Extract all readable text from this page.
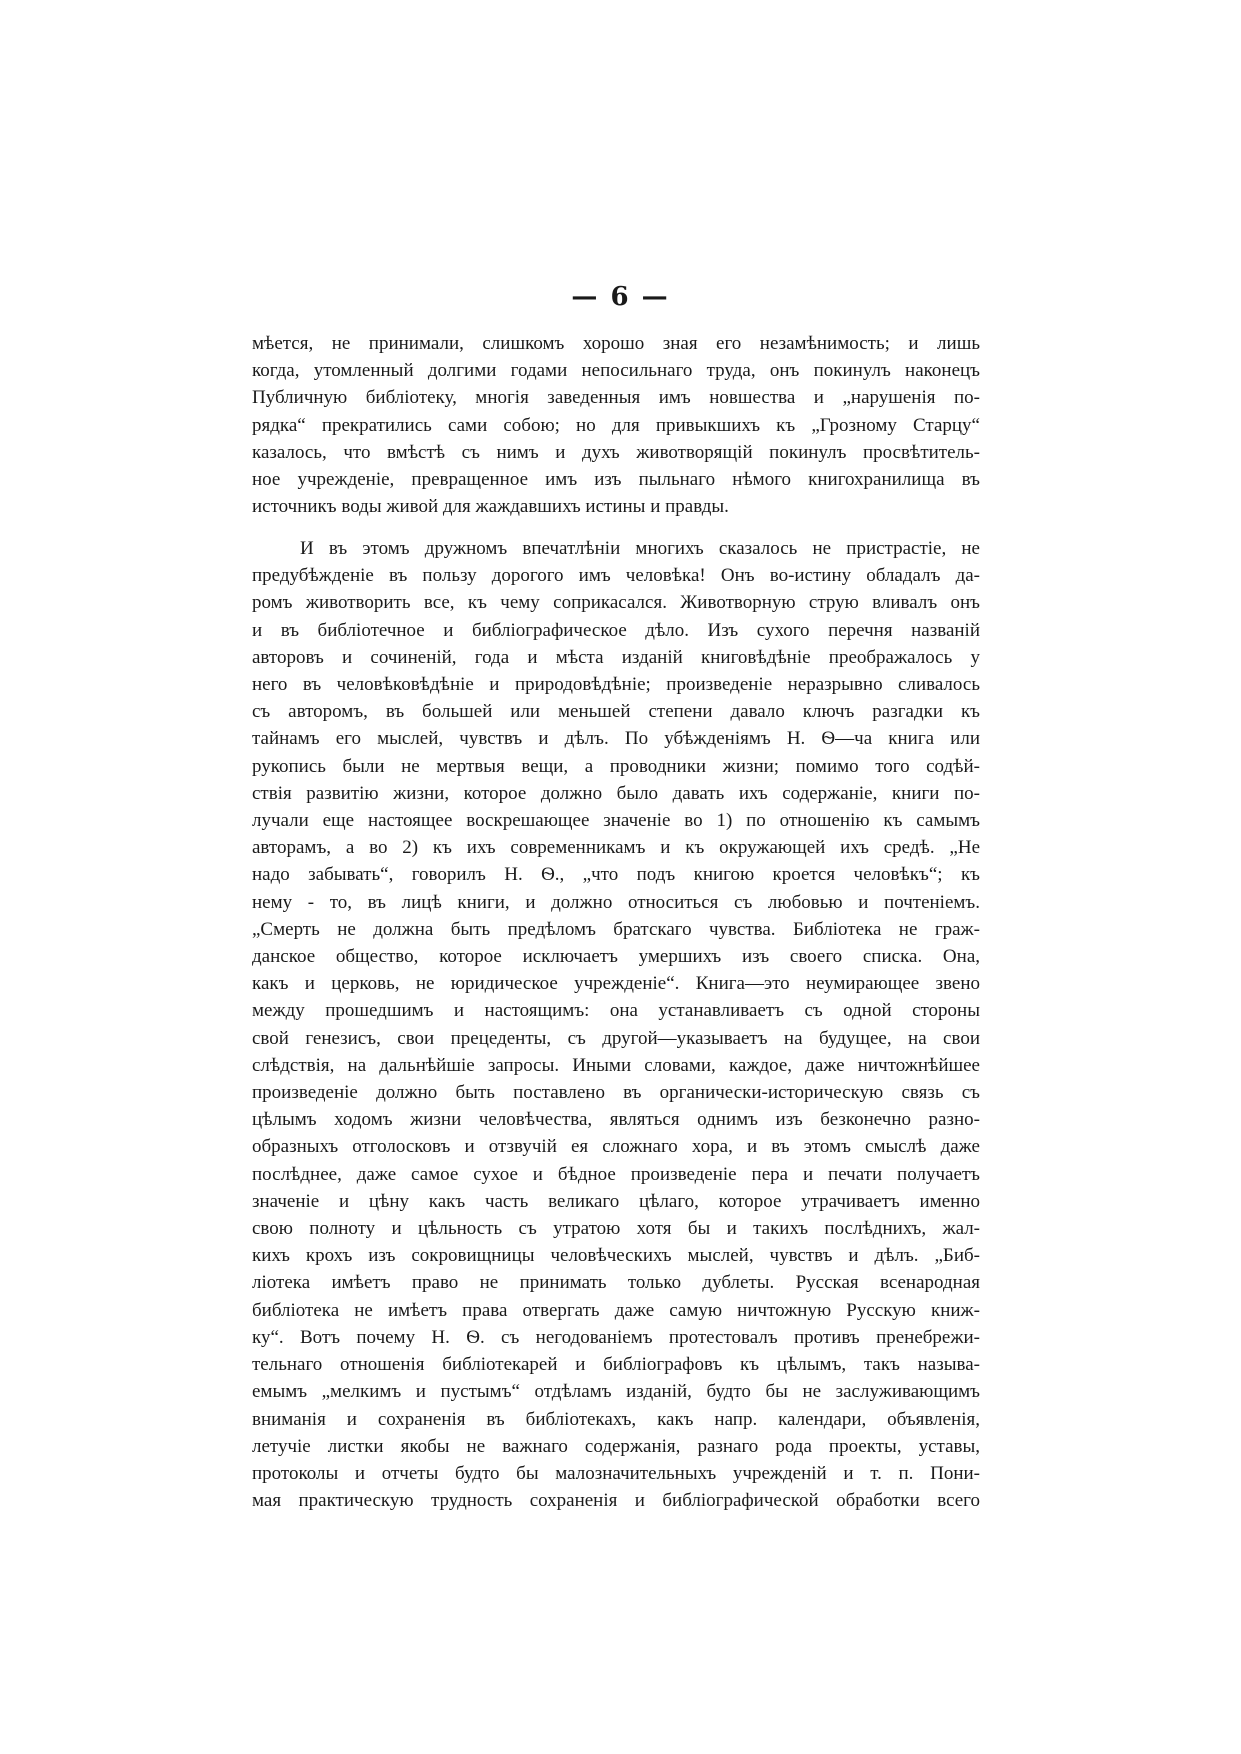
— 6 —
мѣется, не принимали, слишкомъ хорошо зная его незамѣнимость; и лишь
когда, утомленный долгими годами непосильнаго труда, онъ покинулъ наконецъ
Публичную библіотеку, многія заведенныя имъ новшества и „нарушенія по-
рядка“ прекратились сами собою; но для привыкшихъ къ „Грозному Старцу“
казалось, что вмѣстѣ съ нимъ и духъ животворящій покинулъ просвѣтитель-
ное учрежденіе, превращенное имъ изъ пыльнаго нѣмого книгохранилища въ
источникъ воды живой для жаждавшихъ истины и правды.
И въ этомъ дружномъ впечатлѣніи многихъ сказалось не пристрастіе, не
предубѣжденіе въ пользу дорогого имъ человѣка! Онъ во-истину обладалъ да-
ромъ животворить все, къ чему соприкасался. Животворную струю вливалъ онъ
и въ библіотечное и библіографическое дѣло. Изъ сухого перечня названій
авторовъ и сочиненій, года и мѣста изданій книговѣдѣніе преображалось у
него въ человѣковѣдѣніе и природовѣдѣніе; произведеніе неразрывно сливалось
съ авторомъ, въ большей или меньшей степени давало ключъ разгадки къ
тайнамъ его мыслей, чувствъ и дѣлъ. По убѣжденіямъ Н. Ѳ—ча книга или
рукопись были не мертвыя вещи, а проводники жизни; помимо того содѣй-
ствія развитію жизни, которое должно было давать ихъ содержаніе, книги по-
лучали еще настоящее воскрешающее значеніе во 1) по отношенію къ самымъ
авторамъ, а во 2) къ ихъ современникамъ и къ окружающей ихъ средѣ. „Не
надо забывать“, говорилъ Н. Ѳ., „что подъ книгою кроется человѣкъ“; къ
нему - то, въ лицѣ книги, и должно относиться съ любовью и почтеніемъ.
„Смерть не должна быть предѣломъ братскаго чувства. Библіотека не граж-
данское общество, которое исключаетъ умершихъ изъ своего списка. Она,
какъ и церковь, не юридическое учрежденіе“. Книга—это неумирающее звено
между прошедшимъ и настоящимъ: она устанавливаетъ съ одной стороны
свой генезисъ, свои прецеденты, съ другой—указываетъ на будущее, на свои
слѣдствія, на дальнѣйшіе запросы. Иными словами, каждое, даже ничтожнѣйшее
произведеніе должно быть поставлено въ органически-историческую связь съ
цѣлымъ ходомъ жизни человѣчества, являться однимъ изъ безконечно разно-
образныхъ отголосковъ и отзвучій ея сложнаго хора, и въ этомъ смыслѣ даже
послѣднее, даже самое сухое и бѣдное произведеніе пера и печати получаетъ
значеніе и цѣну какъ часть великаго цѣлаго, которое утрачиваетъ именно
свою полноту и цѣльность съ утратою хотя бы и такихъ послѣднихъ, жал-
кихъ крохъ изъ сокровищницы человѣческихъ мыслей, чувствъ и дѣлъ. „Биб-
ліотека имѣетъ право не принимать только дублеты. Русская всенародная
библіотека не имѣетъ права отвергать даже самую ничтожную Русскую книж-
ку“. Вотъ почему Н. Ѳ. съ негодованіемъ протестовалъ противъ пренебрежи-
тельнаго отношенія библіотекарей и библіографовъ къ цѣлымъ, такъ называ-
емымъ „мелкимъ и пустымъ“ отдѣламъ изданій, будто бы не заслуживающимъ
вниманія и сохраненія въ библіотекахъ, какъ напр. календари, объявленія,
летучіе листки якобы не важнаго содержанія, разнаго рода проекты, уставы,
протоколы и отчеты будто бы малозначительныхъ учрежденій и т. п. Пони-
мая практическую трудность сохраненія и библіографической обработки всего
